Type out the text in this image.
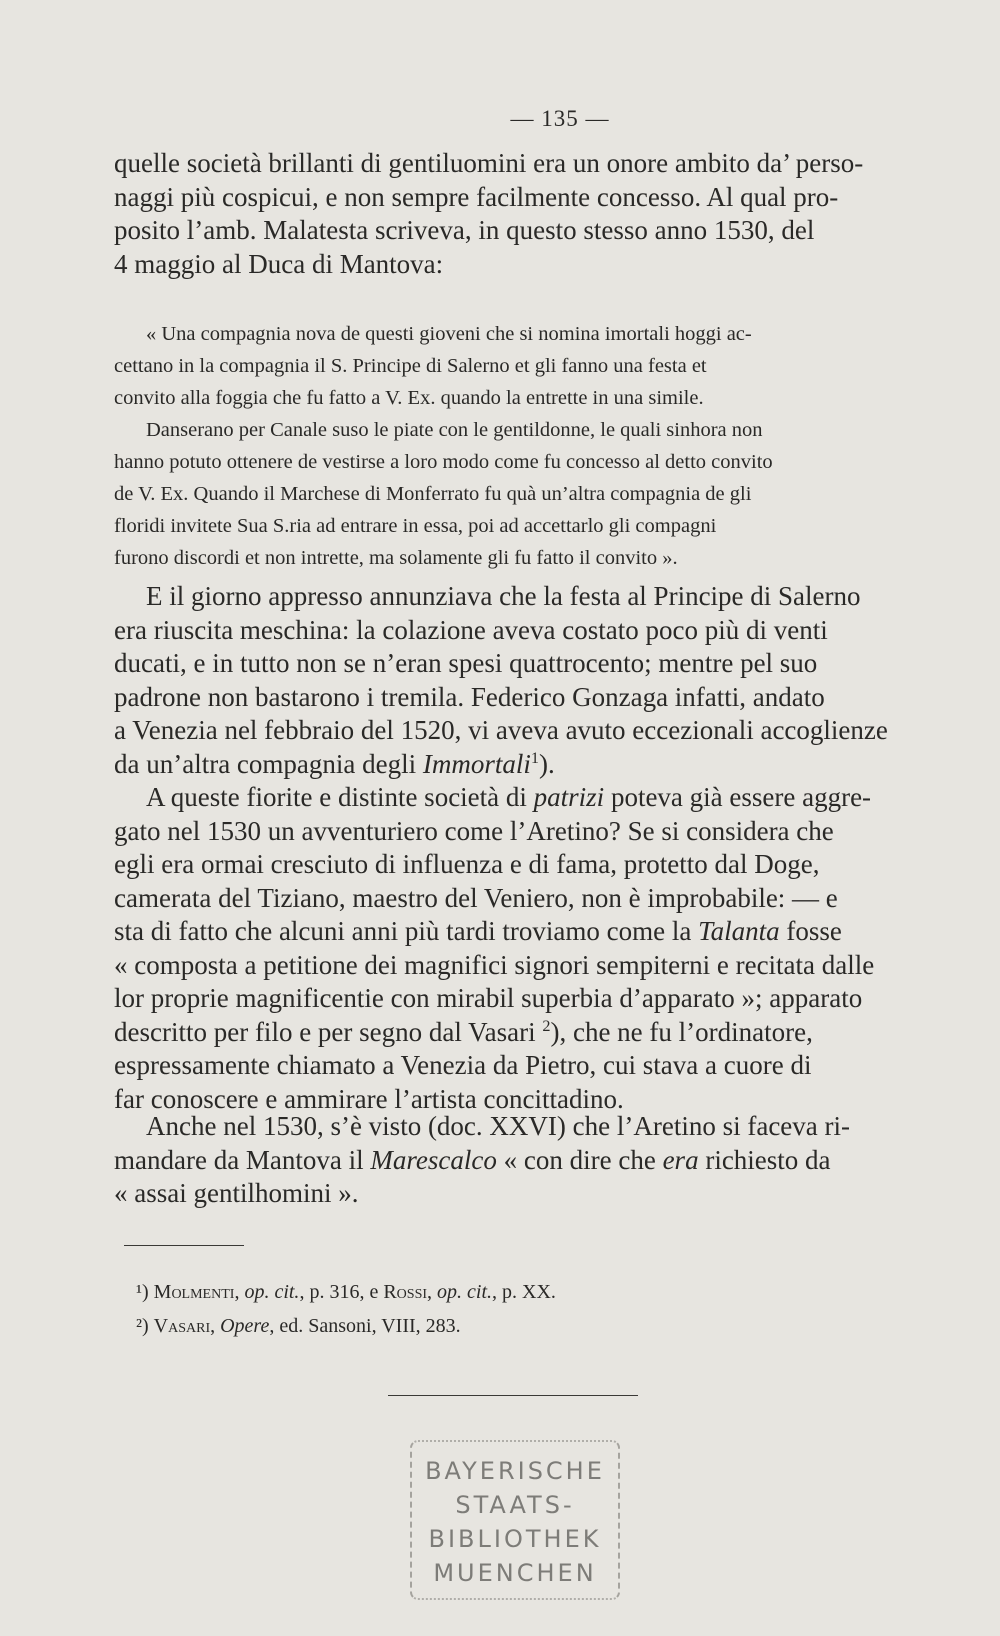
— 135 —

quelle società brillanti di gentiluomini era un onore ambito da’ perso-
naggi più cospicui, e non sempre facilmente concesso. Al qual pro-
posito l’amb. Malatesta scriveva, in questo stesso anno 1530, del
4 maggio al Duca di Mantova:

« Una compagnia nova de questi gioveni che si nomina imortali hoggi ac-
cettano in la compagnia il S. Principe di Salerno et gli fanno una festa et
convito alla foggia che fu fatto a V. Ex. quando la entrette in una simile.
Danserano per Canale suso le piate con le gentildonne, le quali sinhora non
hanno potuto ottenere de vestirse a loro modo come fu concesso al detto convito
de V. Ex. Quando il Marchese di Monferrato fu quà un’altra compagnia de gli
floridi invitete Sua S.ria ad entrare in essa, poi ad accettarlo gli compagni
furono discordi et non intrette, ma solamente gli fu fatto il convito ».

E il giorno appresso annunziava che la festa al Principe di Salerno
era riuscita meschina: la colazione aveva costato poco più di venti
ducati, e in tutto non se n’eran spesi quattrocento; mentre pel suo
padrone non bastarono i tremila. Federico Gonzaga infatti, andato
a Venezia nel febbraio del 1520, vi aveva avuto eccezionali accoglienze
da un’altra compagnia degli Immortali$^1$).
A queste fiorite e distinte società di patrizi poteva già essere aggre-
gato nel 1530 un avventuriero come l’Aretino? Se si considera che
egli era ormai cresciuto di influenza e di fama, protetto dal Doge,
camerata del Tiziano, maestro del Veniero, non è improbabile: — e
sta di fatto che alcuni anni più tardi troviamo come la Talanta fosse
« composta a petitione dei magnifici signori sempiterni e recitata dalle
lor proprie magnificentie con mirabil superbia d’apparato »; apparato
descritto per filo e per segno dal Vasari $^2$), che ne fu l’ordinatore,
espressamente chiamato a Venezia da Pietro, cui stava a cuore di
far conoscere e ammirare l’artista concittadino.

Anche nel 1530, s’è visto (doc. XXVI) che l’Aretino si faceva ri-
mandare da Mantova il Marescalco « con dire che era richiesto da
« assai gentilhomini ».

¹) Molmenti, op. cit., p. 316, e Rossi, op. cit., p. XX.
²) Vasari, Opere, ed. Sansoni, VIII, 283.
BAYERISCHE
STAATS-
BIBLIOTHEK
MUENCHEN
